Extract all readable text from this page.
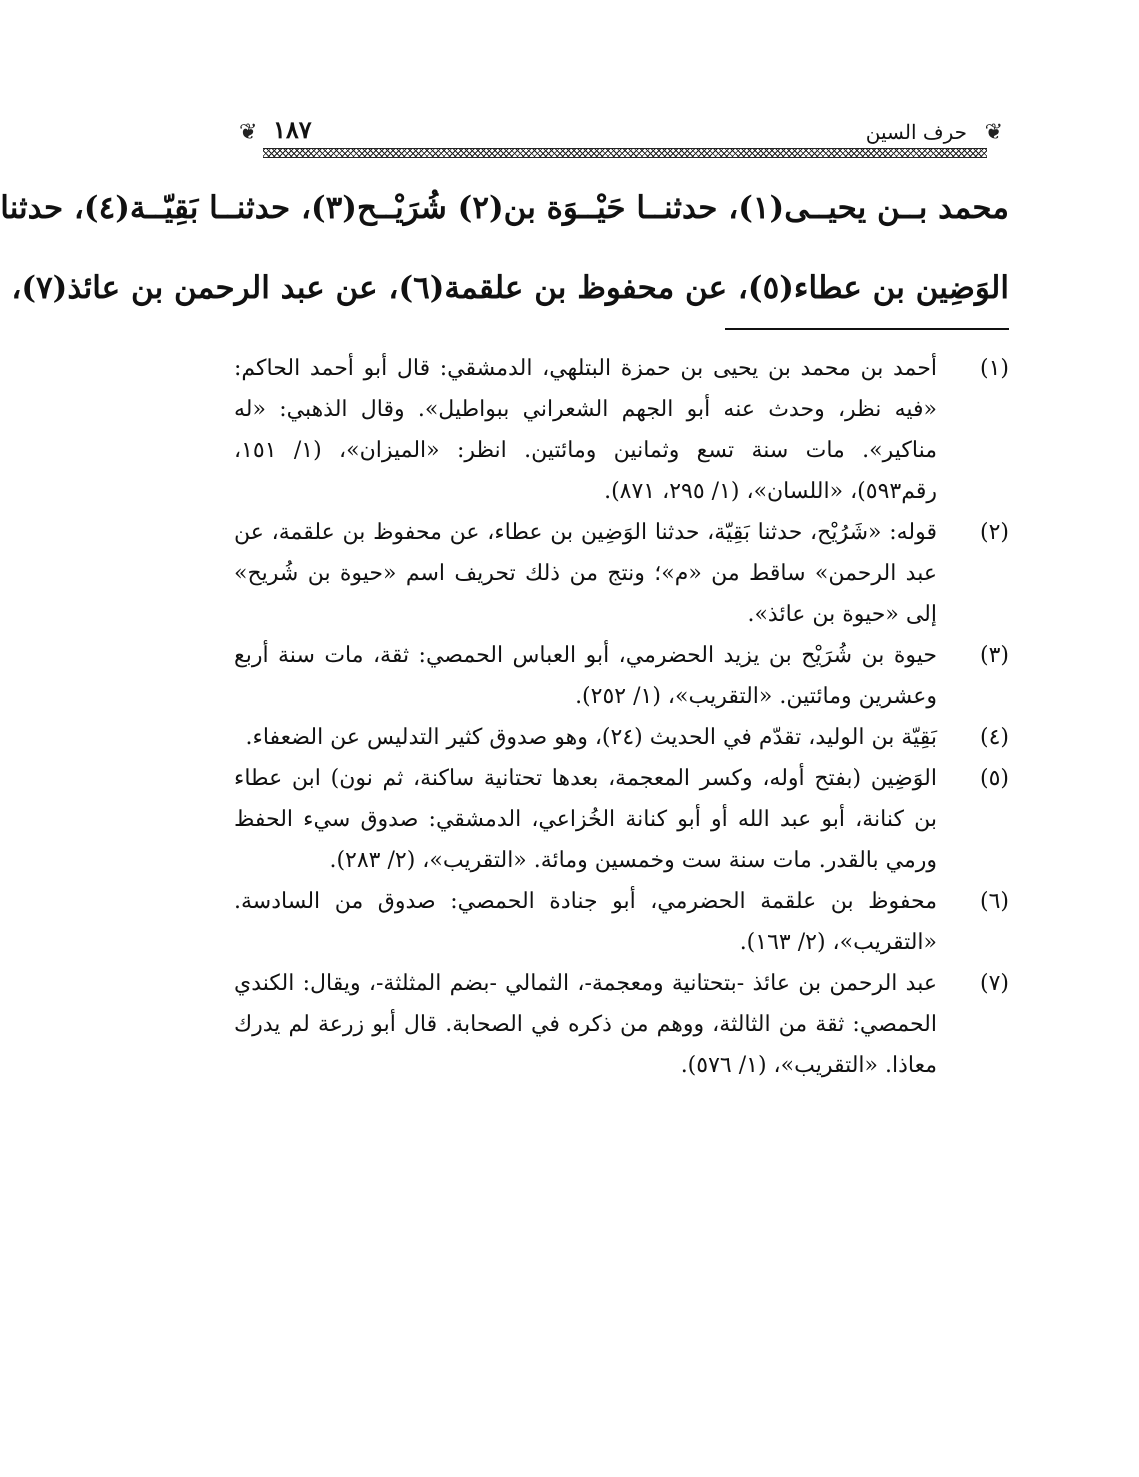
❦
حرف السين
١٨٧
❦
محمد بــن يحيــى(١)، حدثنــا حَيْــوَة بن(٢) شُرَيْــح(٣)، حدثنــا بَقِيّــة(٤)، حدثنا
الوَضِين بن عطاء(٥)، عن محفوظ بن علقمة(٦)، عن عبد الرحمن بن عائذ(٧)،
(١)
أحمد بن محمد بن يحيى بن حمزة البتلهي، الدمشقي: قال أبو أحمد الحاكم: «فيه نظر، وحدث عنه أبو الجهم الشعراني ببواطيل». وقال الذهبي: «له مناكير». مات سنة تسع وثمانين ومائتين. انظر: «الميزان»، (١/ ١٥١، رقم٥٩٣)، «اللسان»، (١/ ٢٩٥، ٨٧١).
(٢)
قوله: «شَرُيْح، حدثنا بَقِيّة، حدثنا الوَضِين بن عطاء، عن محفوظ بن علقمة، عن عبد الرحمن» ساقط من «م»؛ ونتج من ذلك تحريف اسم «حيوة بن شُريح» إلى «حيوة بن عائذ».
(٣)
حيوة بن شُرَيْح بن يزيد الحضرمي، أبو العباس الحمصي: ثقة، مات سنة أربع وعشرين ومائتين. «التقريب»، (١/ ٢٥٢).
(٤)
بَقِيّة بن الوليد، تقدّم في الحديث (٢٤)، وهو صدوق كثير التدليس عن الضعفاء.
(٥)
الوَضِين (بفتح أوله، وكسر المعجمة، بعدها تحتانية ساكنة، ثم نون) ابن عطاء بن كنانة، أبو عبد الله أو أبو كنانة الخُزاعي، الدمشقي: صدوق سيء الحفظ ورمي بالقدر. مات سنة ست وخمسين ومائة. «التقريب»، (٢/ ٢٨٣).
(٦)
محفوظ بن علقمة الحضرمي، أبو جنادة الحمصي: صدوق من السادسة. «التقريب»، (٢/ ١٦٣).
(٧)
عبد الرحمن بن عائذ -بتحتانية ومعجمة-، الثمالي -بضم المثلثة-، ويقال: الكندي الحمصي: ثقة من الثالثة، ووهم من ذكره في الصحابة. قال أبو زرعة لم يدرك معاذا. «التقريب»، (١/ ٥٧٦).
